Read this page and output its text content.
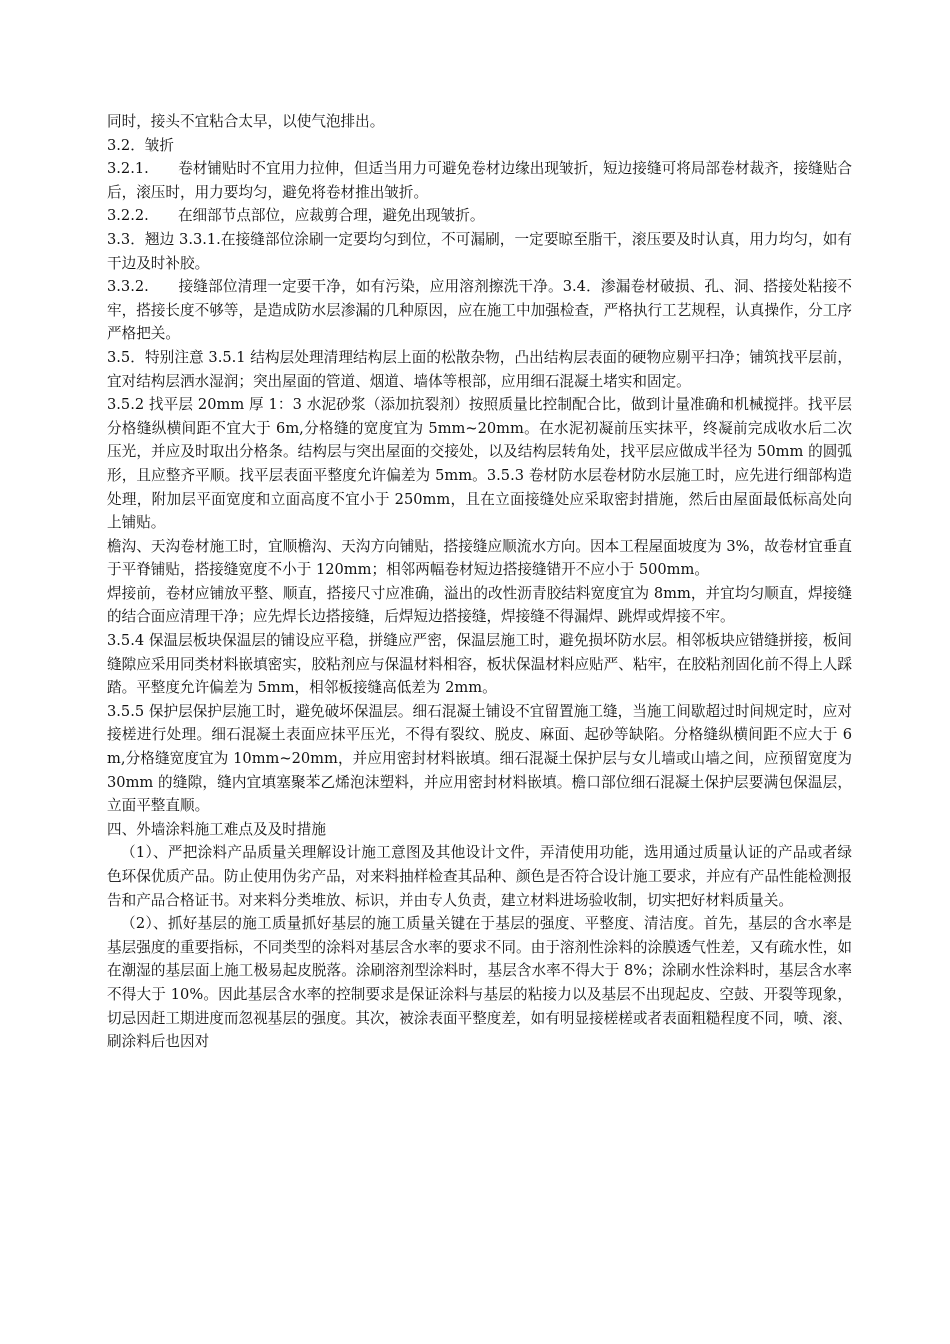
同时，接头不宜粘合太早，以使气泡排出。

3.2．皱折

3.2.1.　　卷材铺贴时不宜用力拉伸，但适当用力可避免卷材边缘出现皱折，短边接缝可将局部卷材裁齐，接缝贴合后，滚压时，用力要均匀，避免将卷材推出皱折。

3.2.2.　　在细部节点部位，应裁剪合理，避免出现皱折。

3.3．翘边 3.3.1.在接缝部位涂刷一定要均匀到位，不可漏刷，一定要晾至脂干，滚压要及时认真，用力均匀，如有干边及时补胶。

3.3.2.　　接缝部位清理一定要干净，如有污染，应用溶剂擦洗干净。3.4．渗漏卷材破损、孔、洞、搭接处粘接不牢，搭接长度不够等，是造成防水层渗漏的几种原因，应在施工中加强检查，严格执行工艺规程，认真操作，分工序严格把关。

3.5．特别注意 3.5.1 结构层处理清理结构层上面的松散杂物，凸出结构层表面的硬物应剔平扫净；铺筑找平层前，宜对结构层洒水湿润；突出屋面的管道、烟道、墙体等根部，应用细石混凝土堵实和固定。

3.5.2 找平层 20mm 厚 1：3 水泥砂浆（添加抗裂剂）按照质量比控制配合比，做到计量准确和机械搅拌。找平层分格缝纵横间距不宜大于 6m,分格缝的宽度宜为 5mm~20mm。在水泥初凝前压实抹平，终凝前完成收水后二次压光，并应及时取出分格条。结构层与突出屋面的交接处，以及结构层转角处，找平层应做成半径为 50mm 的圆弧形，且应整齐平顺。找平层表面平整度允许偏差为 5mm。3.5.3 卷材防水层卷材防水层施工时，应先进行细部构造处理，附加层平面宽度和立面高度不宜小于 250mm，且在立面接缝处应采取密封措施，然后由屋面最低标高处向上铺贴。

檐沟、天沟卷材施工时，宜顺檐沟、天沟方向铺贴，搭接缝应顺流水方向。因本工程屋面坡度为 3%，故卷材宜垂直于平脊铺贴，搭接缝宽度不小于 120mm；相邻两幅卷材短边搭接缝错开不应小于 500mm。

焊接前，卷材应铺放平整、顺直，搭接尺寸应准确，溢出的改性沥青胶结料宽度宜为 8mm，并宜均匀顺直，焊接缝的结合面应清理干净；应先焊长边搭接缝，后焊短边搭接缝，焊接缝不得漏焊、跳焊或焊接不牢。

3.5.4 保温层板块保温层的铺设应平稳，拼缝应严密，保温层施工时，避免损坏防水层。相邻板块应错缝拼接，板间缝隙应采用同类材料嵌填密实，胶粘剂应与保温材料相容，板状保温材料应贴严、粘牢，在胶粘剂固化前不得上人踩踏。平整度允许偏差为 5mm，相邻板接缝高低差为 2mm。

3.5.5 保护层保护层施工时，避免破坏保温层。细石混凝土铺设不宜留置施工缝，当施工间歇超过时间规定时，应对接槎进行处理。细石混凝土表面应抹平压光，不得有裂纹、脱皮、麻面、起砂等缺陷。分格缝纵横间距不应大于 6m,分格缝宽度宜为 10mm~20mm，并应用密封材料嵌填。细石混凝土保护层与女儿墙或山墙之间，应预留宽度为 30mm 的缝隙，缝内宜填塞聚苯乙烯泡沫塑料，并应用密封材料嵌填。檐口部位细石混凝土保护层要满包保温层，立面平整直顺。

四、外墙涂料施工难点及及时措施

（1）、严把涂料产品质量关理解设计施工意图及其他设计文件，弄清使用功能，选用通过质量认证的产品或者绿色环保优质产品。防止使用伪劣产品，对来料抽样检查其品种、颜色是否符合设计施工要求，并应有产品性能检测报告和产品合格证书。对来料分类堆放、标识，并由专人负责，建立材料进场验收制，切实把好材料质量关。

（2）、抓好基层的施工质量抓好基层的施工质量关键在于基层的强度、平整度、清洁度。首先，基层的含水率是基层强度的重要指标，不同类型的涂料对基层含水率的要求不同。由于溶剂性涂料的涂膜透气性差，又有疏水性，如在潮湿的基层面上施工极易起皮脱落。涂刷溶剂型涂料时，基层含水率不得大于 8%；涂刷水性涂料时，基层含水率不得大于 10%。因此基层含水率的控制要求是保证涂料与基层的粘接力以及基层不出现起皮、空鼓、开裂等现象，切忌因赶工期进度而忽视基层的强度。其次，被涂表面平整度差，如有明显接槎槎或者表面粗糙程度不同，喷、滚、刷涂料后也因对
